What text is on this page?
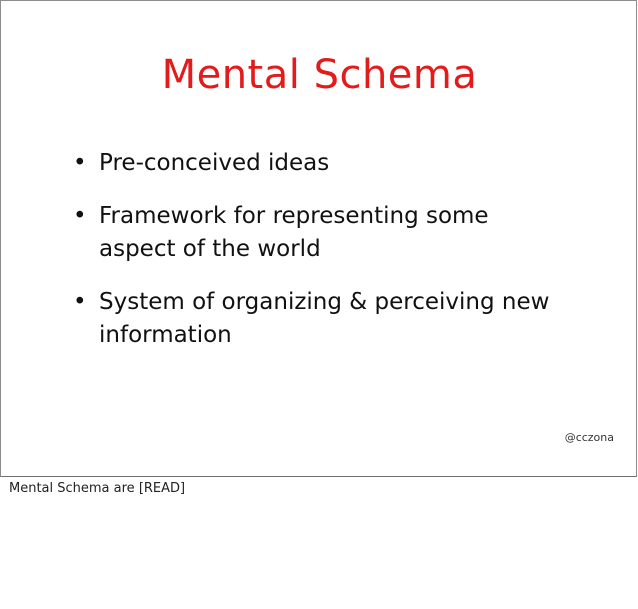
Mental Schema
• Pre-conceived ideas
• Framework for representing some aspect of the world
• System of organizing & perceiving new information
@cczona
Mental Schema are [READ]
